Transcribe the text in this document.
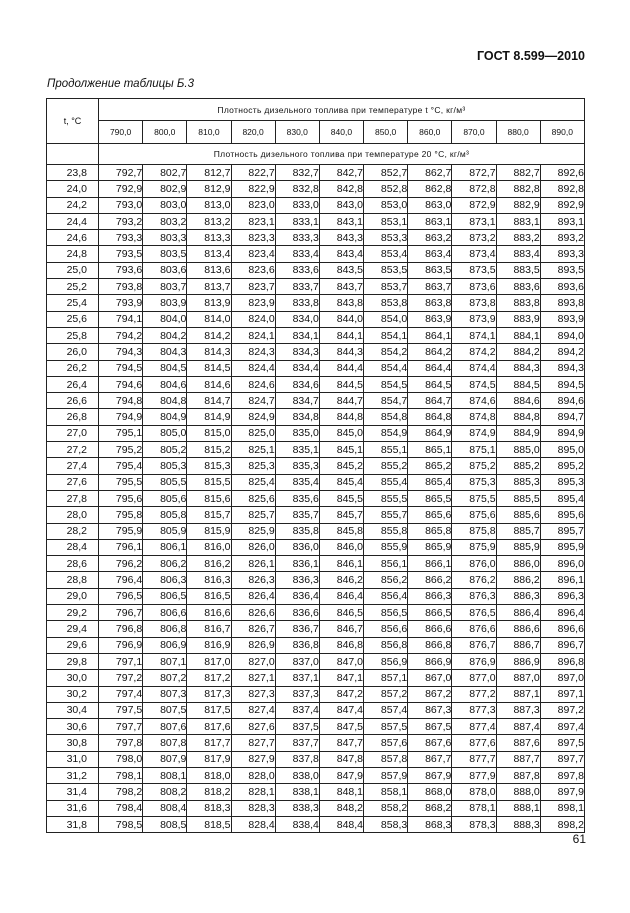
ГОСТ 8.599—2010
Продолжение таблицы Б.3
t, °C	Плотность дизельного топлива при температуре t °C, кг/м³										
	790,0	800,0	810,0	820,0	830,0	840,0	850,0	860,0	870,0	880,0	890,0
	Плотность дизельного топлива при температуре 20 °C, кг/м³										
23,8	792,7	802,7	812,7	822,7	832,7	842,7	852,7	862,7	872,7	882,7	892,6
24,0	792,9	802,9	812,9	822,9	832,8	842,8	852,8	862,8	872,8	882,8	892,8
24,2	793,0	803,0	813,0	823,0	833,0	843,0	853,0	863,0	872,9	882,9	892,9
24,4	793,2	803,2	813,2	823,1	833,1	843,1	853,1	863,1	873,1	883,1	893,1
24,6	793,3	803,3	813,3	823,3	833,3	843,3	853,3	863,2	873,2	883,2	893,2
24,8	793,5	803,5	813,4	823,4	833,4	843,4	853,4	863,4	873,4	883,4	893,3
25,0	793,6	803,6	813,6	823,6	833,6	843,5	853,5	863,5	873,5	883,5	893,5
25,2	793,8	803,7	813,7	823,7	833,7	843,7	853,7	863,7	873,6	883,6	893,6
25,4	793,9	803,9	813,9	823,9	833,8	843,8	853,8	863,8	873,8	883,8	893,8
25,6	794,1	804,0	814,0	824,0	834,0	844,0	854,0	863,9	873,9	883,9	893,9
25,8	794,2	804,2	814,2	824,1	834,1	844,1	854,1	864,1	874,1	884,1	894,0
26,0	794,3	804,3	814,3	824,3	834,3	844,3	854,2	864,2	874,2	884,2	894,2
26,2	794,5	804,5	814,5	824,4	834,4	844,4	854,4	864,4	874,4	884,3	894,3
26,4	794,6	804,6	814,6	824,6	834,6	844,5	854,5	864,5	874,5	884,5	894,5
26,6	794,8	804,8	814,7	824,7	834,7	844,7	854,7	864,7	874,6	884,6	894,6
26,8	794,9	804,9	814,9	824,9	834,8	844,8	854,8	864,8	874,8	884,8	894,7
27,0	795,1	805,0	815,0	825,0	835,0	845,0	854,9	864,9	874,9	884,9	894,9
27,2	795,2	805,2	815,2	825,1	835,1	845,1	855,1	865,1	875,1	885,0	895,0
27,4	795,4	805,3	815,3	825,3	835,3	845,2	855,2	865,2	875,2	885,2	895,2
27,6	795,5	805,5	815,5	825,4	835,4	845,4	855,4	865,4	875,3	885,3	895,3
27,8	795,6	805,6	815,6	825,6	835,6	845,5	855,5	865,5	875,5	885,5	895,4
28,0	795,8	805,8	815,7	825,7	835,7	845,7	855,7	865,6	875,6	885,6	895,6
28,2	795,9	805,9	815,9	825,9	835,8	845,8	855,8	865,8	875,8	885,7	895,7
28,4	796,1	806,1	816,0	826,0	836,0	846,0	855,9	865,9	875,9	885,9	895,9
28,6	796,2	806,2	816,2	826,1	836,1	846,1	856,1	866,1	876,0	886,0	896,0
28,8	796,4	806,3	816,3	826,3	836,3	846,2	856,2	866,2	876,2	886,2	896,1
29,0	796,5	806,5	816,5	826,4	836,4	846,4	856,4	866,3	876,3	886,3	896,3
29,2	796,7	806,6	816,6	826,6	836,6	846,5	856,5	866,5	876,5	886,4	896,4
29,4	796,8	806,8	816,7	826,7	836,7	846,7	856,6	866,6	876,6	886,6	896,6
29,6	796,9	806,9	816,9	826,9	836,8	846,8	856,8	866,8	876,7	886,7	896,7
29,8	797,1	807,1	817,0	827,0	837,0	847,0	856,9	866,9	876,9	886,9	896,8
30,0	797,2	807,2	817,2	827,1	837,1	847,1	857,1	867,0	877,0	887,0	897,0
30,2	797,4	807,3	817,3	827,3	837,3	847,2	857,2	867,2	877,2	887,1	897,1
30,4	797,5	807,5	817,5	827,4	837,4	847,4	857,4	867,3	877,3	887,3	897,2
30,6	797,7	807,6	817,6	827,6	837,5	847,5	857,5	867,5	877,4	887,4	897,4
30,8	797,8	807,8	817,7	827,7	837,7	847,7	857,6	867,6	877,6	887,6	897,5
31,0	798,0	807,9	817,9	827,9	837,8	847,8	857,8	867,7	877,7	887,7	897,7
31,2	798,1	808,1	818,0	828,0	838,0	847,9	857,9	867,9	877,9	887,8	897,8
31,4	798,2	808,2	818,2	828,1	838,1	848,1	858,1	868,0	878,0	888,0	897,9
31,6	798,4	808,4	818,3	828,3	838,3	848,2	858,2	868,2	878,1	888,1	898,1
31,8	798,5	808,5	818,5	828,4	838,4	848,4	858,3	868,3	878,3	888,3	898,2
61
